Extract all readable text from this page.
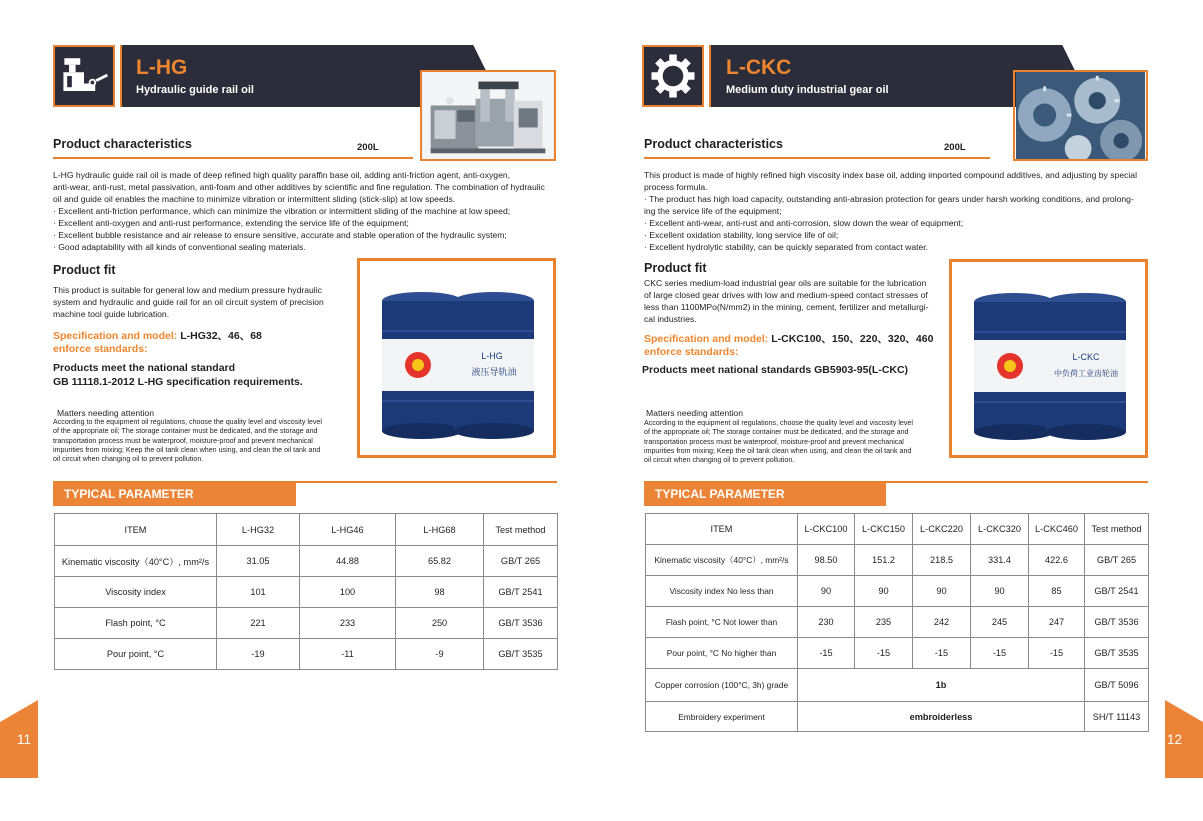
L-HG
Hydraulic guide rail oil
Product characteristics	200L
L-HG hydraulic guide rail oil is made of deep refined high quality paraffin base oil, adding anti-friction agent, anti-oxygen,
anti-wear, anti-rust, metal passivation, anti-foam and other additives by scientific and fine regulation. The combination of hydraulic
oil and guide oil enables the machine to minimize vibration or intermittent sliding (stick-slip) at low speeds.
· Excellent anti-friction performance, which can minimize the vibration or intermittent sliding of the machine at low speed;
· Excellent anti-oxygen and anti-rust performance, extending the service life of the equipment;
· Excellent bubble resistance and air release to ensure sensitive, accurate and stable operation of the hydraulic system;
· Good adaptability with all kinds of conventional sealing materials.
Product fit
This product is suitable for general low and medium pressure hydraulic
system and hydraulic and guide rail for an oil circuit system of precision
machine tool guide lubrication.
Specification and model: L-HG32、46、68
enforce standards:
Products meet the national standard
GB 11118.1-2012 L-HG specification requirements.
Matters needing attention
According to the equipment oil regulations, choose the quality level and viscosity level
of the appropriate oil; The storage container must be dedicated, and the storage and
transportation process must be waterproof, moisture-proof and prevent mechanical
impurities from mixing; Keep the oil tank clean when using, and clean the oil tank and
oil circuit when changing oil to prevent pollution.
L-HG
液压导轨油
TYPICAL PARAMETER
ITEM	L-HG32	L-HG46	L-HG68	Test method
Kinematic viscosity（40°C）, mm²/s	31.05	44.88	65.82	GB/T 265
Viscosity index	101	100	98	GB/T 2541
Flash point, °C	221	233	250	GB/T 3536
Pour point, °C	-19	-11	-9	GB/T 3535
11
L-CKC
Medium duty industrial gear oil
Product characteristics	200L
This product is made of highly refined high viscosity index base oil, adding imported compound additives, and adjusting by special
process formula.
· The product has high load capacity, outstanding anti-abrasion protection for gears under harsh working conditions, and prolong-
ing the service life of the equipment;
· Excellent anti-wear, anti-rust and anti-corrosion, slow down the wear of equipment;
· Excellent oxidation stability, long service life of oil;
· Excellent hydrolytic stability, can be quickly separated from contact water.
Product fit
CKC series medium-load industrial gear oils are suitable for the lubrication
of large closed gear drives with low and medium-speed contact stresses of
less than 1100MPo(N/mm2) in the mining, cement, fertilizer and metallurgi-
cal industries.
Specification and model: L-CKC100、150、220、320、460
enforce standards:
Products meet national standards GB5903-95(L-CKC)
Matters needing attention
According to the equipment oil regulations, choose the quality level and viscosity level
of the appropriate oil; The storage container must be dedicated, and the storage and
transportation process must be waterproof, moisture-proof and prevent mechanical
impurities from mixing; Keep the oil tank clean when using, and clean the oil tank and
oil circuit when changing oil to prevent pollution.
L-CKC
中负荷工业齿轮油
TYPICAL PARAMETER
ITEM	L-CKC100	L-CKC150	L-CKC220	L-CKC320	L-CKC460	Test method
Kinematic viscosity（40°C）, mm²/s	98.50	151.2	218.5	331.4	422.6	GB/T 265
Viscosity index No less than	90	90	90	90	85	GB/T 2541
Flash point, °C Not lower than	230	235	242	245	247	GB/T 3536
Pour point, °C No higher than	-15	-15	-15	-15	-15	GB/T 3535
Copper corrosion (100°C, 3h) grade	1b					GB/T 5096
Embroidery experiment	embroiderless					SH/T 11143
12
